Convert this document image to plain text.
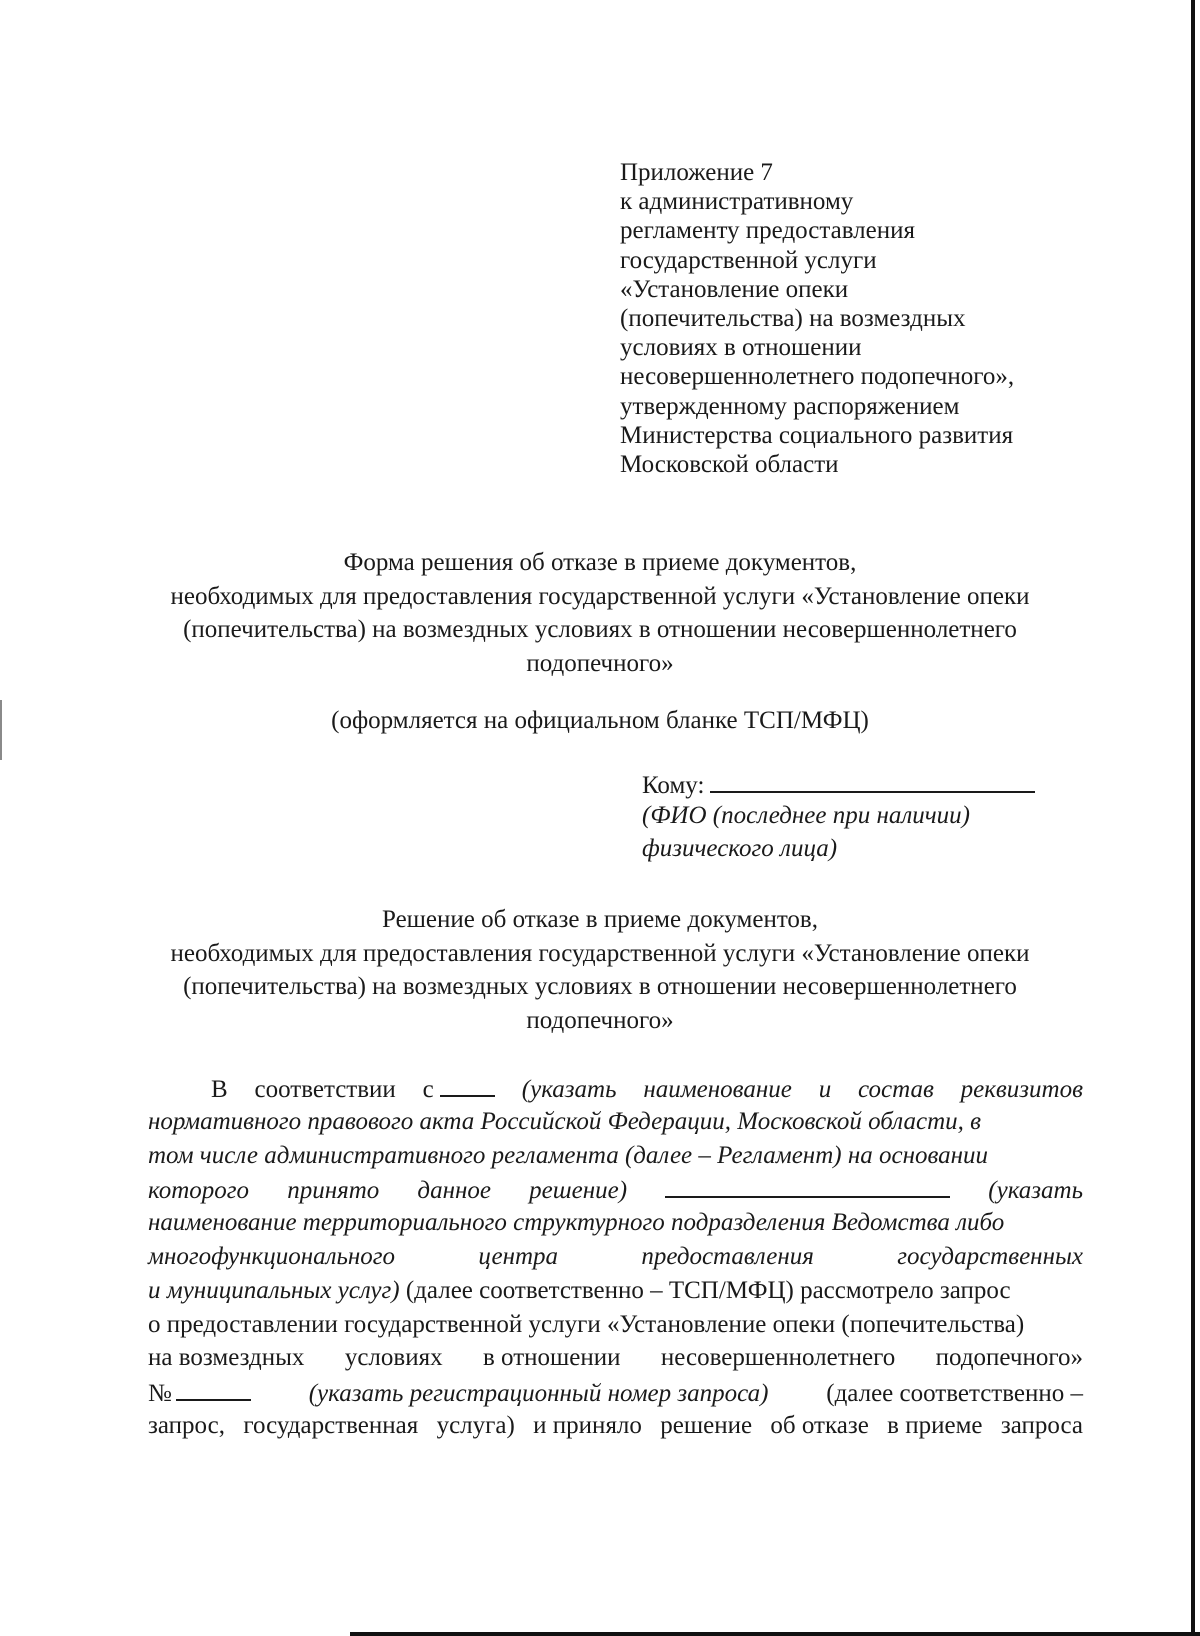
Приложение 7
к административному
регламенту предоставления
государственной услуги
«Установление опеки
(попечительства) на возмездных
условиях в отношении
несовершеннолетнего подопечного»,
утвержденному распоряжением
Министерства социального развития
Московской области
Форма решения об отказе в приеме документов,
необходимых для предоставления государственной услуги «Установление опеки
(попечительства) на возмездных условиях в отношении несовершеннолетнего
подопечного»
(оформляется на официальном бланке ТСП/МФЦ)
Кому:
(ФИО (последнее при наличии)
физического лица)
Решение об отказе в приеме документов,
необходимых для предоставления государственной услуги «Установление опеки
(попечительства) на возмездных условиях в отношении несовершеннолетнего
подопечного»
В соответствии с	(указать наименование и состав реквизитов
нормативного правового акта Российской Федерации, Московской области, в
том числе административного регламента (далее – Регламент) на основании
которого принято данное решение)	(указать
наименование территориального структурного подразделения Ведомства либо
многофункционального	центра	предоставления	государственных
и муниципальных услуг) (далее соответственно – ТСП/МФЦ) рассмотрело запрос
о предоставлении государственной услуги «Установление опеки (попечительства)
на возмездных условиях в отношении несовершеннолетнего подопечного»
№	(указать регистрационный номер запроса) (далее соответственно –
запрос, государственная услуга) и приняло решение об отказе в приеме запроса
